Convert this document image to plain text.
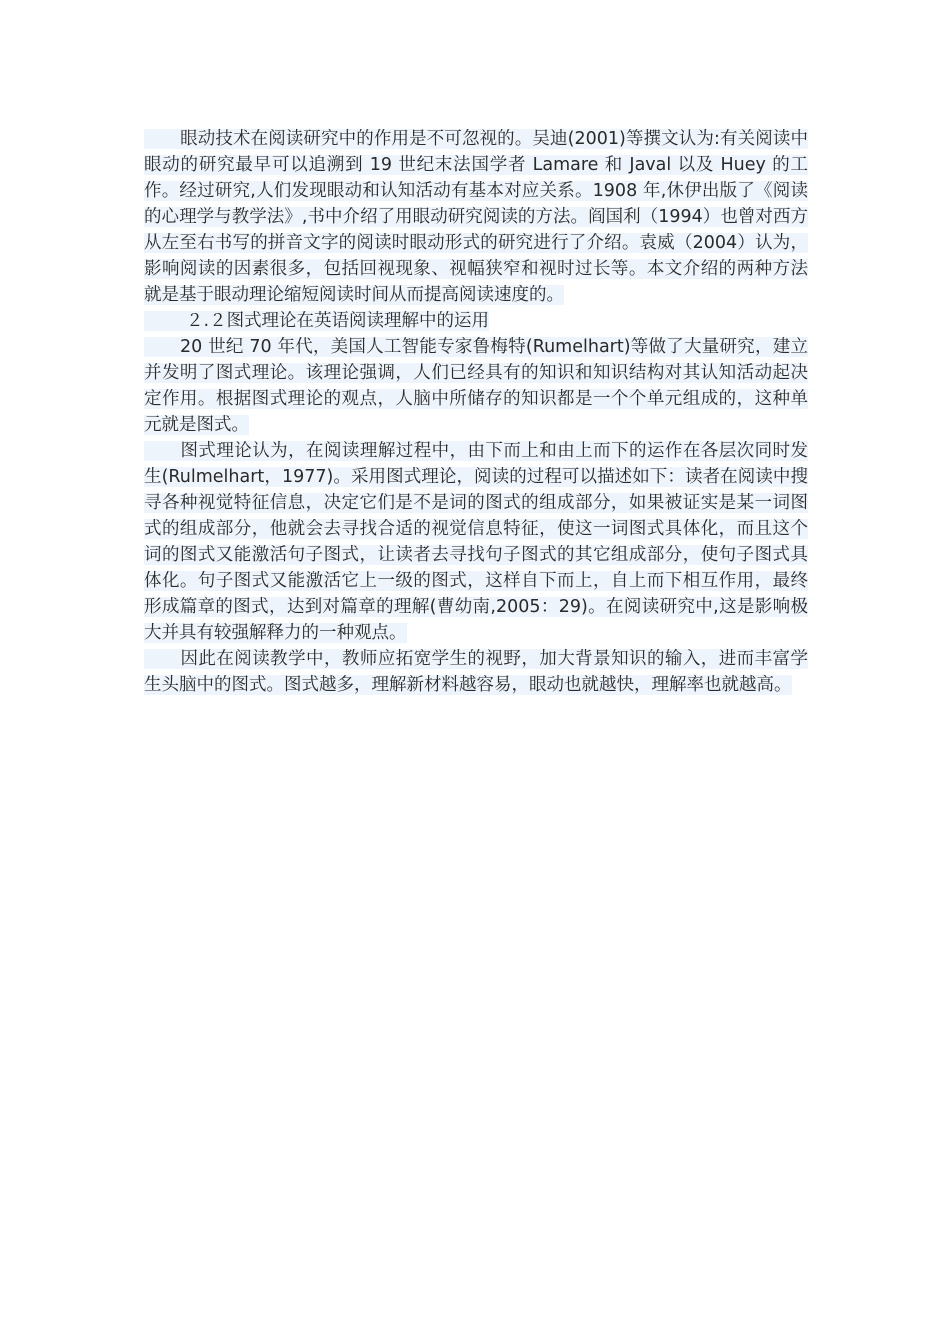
眼动技术在阅读研究中的作用是不可忽视的。吴迪(2001)等撰文认为:有关阅读中眼动的研究最早可以追溯到 19 世纪末法国学者 Lamare 和 Javal 以及 Huey 的工作。经过研究,人们发现眼动和认知活动有基本对应关系。1908 年,休伊出版了《阅读的心理学与教学法》,书中介绍了用眼动研究阅读的方法。阎国利（1994）也曾对西方从左至右书写的拼音文字的阅读时眼动形式的研究进行了介绍。袁威（2004）认为，影响阅读的因素很多，包括回视现象、视幅狭窄和视时过长等。本文介绍的两种方法就是基于眼动理论缩短阅读时间从而提高阅读速度的。

２.２图式理论在英语阅读理解中的运用

20 世纪 70 年代，美国人工智能专家鲁梅特(Rumelhart)等做了大量研究，建立并发明了图式理论。该理论强调，人们已经具有的知识和知识结构对其认知活动起决定作用。根据图式理论的观点，人脑中所储存的知识都是一个个单元组成的，这种单元就是图式。

图式理论认为，在阅读理解过程中，由下而上和由上而下的运作在各层次同时发生(Rulmelhart，1977)。采用图式理论，阅读的过程可以描述如下：读者在阅读中搜寻各种视觉特征信息，决定它们是不是词的图式的组成部分，如果被证实是某一词图式的组成部分，他就会去寻找合适的视觉信息特征，使这一词图式具体化，而且这个词的图式又能激活句子图式，让读者去寻找句子图式的其它组成部分，使句子图式具体化。句子图式又能激活它上一级的图式，这样自下而上，自上而下相互作用，最终形成篇章的图式，达到对篇章的理解(曹幼南,2005：29)。在阅读研究中,这是影响极大并具有较强解释力的一种观点。

因此在阅读教学中，教师应拓宽学生的视野，加大背景知识的输入，进而丰富学生头脑中的图式。图式越多，理解新材料越容易，眼动也就越快，理解率也就越高。
